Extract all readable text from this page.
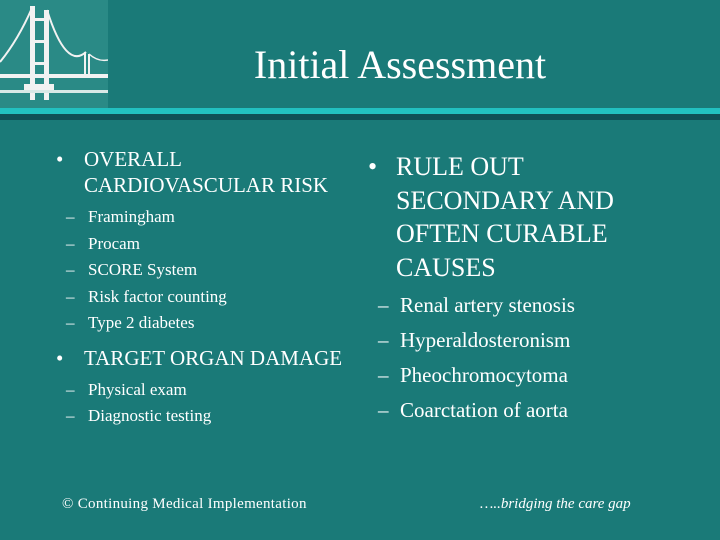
Initial Assessment
• OVERALL CARDIOVASCULAR RISK
– Framingham
– Procam
– SCORE System
– Risk factor counting
– Type 2 diabetes
• TARGET ORGAN DAMAGE
– Physical exam
– Diagnostic testing
• RULE OUT SECONDARY AND OFTEN CURABLE CAUSES
– Renal artery stenosis
– Hyperaldosteronism
– Pheochromocytoma
– Coarctation of aorta
© Continuing Medical Implementation	…..bridging the care gap
